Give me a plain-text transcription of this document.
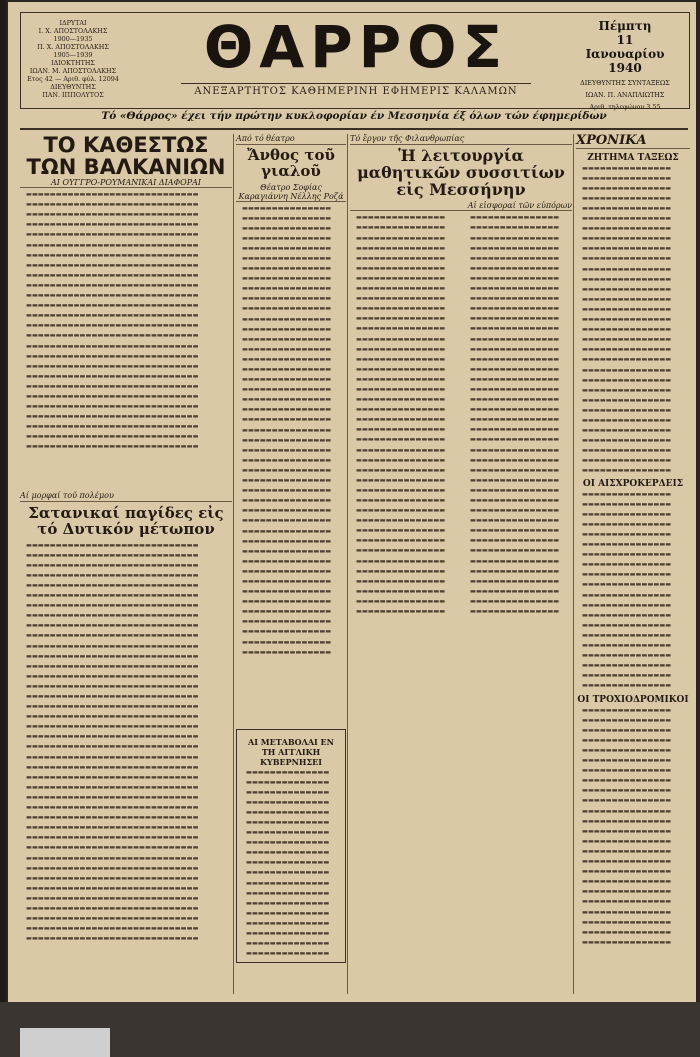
ΙΔΡΥΤΑΙ
Ι. Χ. ΑΠΟΣΤΟΛΑΚΗΣ
1900—1935
Π. Χ. ΑΠΟΣΤΟΛΑΚΗΣ
1905—1939
ΙΔΙΟΚΤΗΤΗΣ
ΙΩΑΝ. Μ. ΑΠΟΣΤΟΛΑΚΗΣ
Ετος 42 — Αριθ. φύλ. 12094
ΔΙΕΥΘΥΝΤΗΣ
ΠΑΝ. ΙΠΠΟΛΥΤΟΣ
ΘΑΡΡΟΣ
ΑΝΕΞΑΡΤΗΤΟΣ ΚΑΘΗΜΕΡΙΝΗ ΕΦΗΜΕΡΙΣ ΚΑΛΑΜΩΝ
Πέμπτη
11
Ιανουαρίου
1940
ΔΙΕΥΘΥΝΤΗΣ ΣΥΝΤΑΞΕΩΣ
ΙΩΑΝ. Π. ΑΝΑΠΛΙΩΤΗΣ
Αριθ. τηλεφώνου 3.55
Τό «Θάρρος» έχει τήν πρώτην κυκλοφορίαν έν Μεσσηνία έξ όλων τών έφημερίδων
ΤΟ ΚΑΘΕΣΤΩΣ ΤΩΝ ΒΑΛΚΑΝΙΩΝ
ΑΙ ΟΥΓΓΡΟ-ΡΟΥΜΑΝΙΚΑΙ ΔΙΑΦΟΡΑΙ

▬▬▬▬▬▬▬▬▬▬▬▬▬▬▬▬▬▬▬▬▬▬▬▬▬▬▬▬▬

▬▬▬▬▬▬▬▬▬▬▬▬▬▬▬▬▬▬▬▬▬▬▬▬▬▬▬▬▬

▬▬▬▬▬▬▬▬▬▬▬▬▬▬▬▬▬▬▬▬▬▬▬▬▬▬▬▬▬

▬▬▬▬▬▬▬▬▬▬▬▬▬▬▬▬▬▬▬▬▬▬▬▬▬▬▬▬▬

▬▬▬▬▬▬▬▬▬▬▬▬▬▬▬▬▬▬▬▬▬▬▬▬▬▬▬▬▬

▬▬▬▬▬▬▬▬▬▬▬▬▬▬▬▬▬▬▬▬▬▬▬▬▬▬▬▬▬

▬▬▬▬▬▬▬▬▬▬▬▬▬▬▬▬▬▬▬▬▬▬▬▬▬▬▬▬▬

▬▬▬▬▬▬▬▬▬▬▬▬▬▬▬▬▬▬▬▬▬▬▬▬▬▬▬▬▬

▬▬▬▬▬▬▬▬▬▬▬▬▬▬▬▬▬▬▬▬▬▬▬▬▬▬▬▬▬

▬▬▬▬▬▬▬▬▬▬▬▬▬▬▬▬▬▬▬▬▬▬▬▬▬▬▬▬▬

▬▬▬▬▬▬▬▬▬▬▬▬▬▬▬▬▬▬▬▬▬▬▬▬▬▬▬▬▬

▬▬▬▬▬▬▬▬▬▬▬▬▬▬▬▬▬▬▬▬▬▬▬▬▬▬▬▬▬

▬▬▬▬▬▬▬▬▬▬▬▬▬▬▬▬▬▬▬▬▬▬▬▬▬▬▬▬▬

▬▬▬▬▬▬▬▬▬▬▬▬▬▬▬▬▬▬▬▬▬▬▬▬▬▬▬▬▬

▬▬▬▬▬▬▬▬▬▬▬▬▬▬▬▬▬▬▬▬▬▬▬▬▬▬▬▬▬

▬▬▬▬▬▬▬▬▬▬▬▬▬▬▬▬▬▬▬▬▬▬▬▬▬▬▬▬▬

▬▬▬▬▬▬▬▬▬▬▬▬▬▬▬▬▬▬▬▬▬▬▬▬▬▬▬▬▬

▬▬▬▬▬▬▬▬▬▬▬▬▬▬▬▬▬▬▬▬▬▬▬▬▬▬▬▬▬

▬▬▬▬▬▬▬▬▬▬▬▬▬▬▬▬▬▬▬▬▬▬▬▬▬▬▬▬▬

▬▬▬▬▬▬▬▬▬▬▬▬▬▬▬▬▬▬▬▬▬▬▬▬▬▬▬▬▬

▬▬▬▬▬▬▬▬▬▬▬▬▬▬▬▬▬▬▬▬▬▬▬▬▬▬▬▬▬

▬▬▬▬▬▬▬▬▬▬▬▬▬▬▬▬▬▬▬▬▬▬▬▬▬▬▬▬▬

▬▬▬▬▬▬▬▬▬▬▬▬▬▬▬▬▬▬▬▬▬▬▬▬▬▬▬▬▬

▬▬▬▬▬▬▬▬▬▬▬▬▬▬▬▬▬▬▬▬▬▬▬▬▬▬▬▬▬

▬▬▬▬▬▬▬▬▬▬▬▬▬▬▬▬▬▬▬▬▬▬▬▬▬▬▬▬▬

▬▬▬▬▬▬▬▬▬▬▬▬▬▬▬▬▬▬▬▬▬▬▬▬▬▬▬▬▬

Αί μορφαί τοῦ πολέμου
Σατανικαί παγίδες εἰς τό Δυτικόν μέτωπον

▬▬▬▬▬▬▬▬▬▬▬▬▬▬▬▬▬▬▬▬▬▬▬▬▬▬▬▬▬

▬▬▬▬▬▬▬▬▬▬▬▬▬▬▬▬▬▬▬▬▬▬▬▬▬▬▬▬▬

▬▬▬▬▬▬▬▬▬▬▬▬▬▬▬▬▬▬▬▬▬▬▬▬▬▬▬▬▬

▬▬▬▬▬▬▬▬▬▬▬▬▬▬▬▬▬▬▬▬▬▬▬▬▬▬▬▬▬

▬▬▬▬▬▬▬▬▬▬▬▬▬▬▬▬▬▬▬▬▬▬▬▬▬▬▬▬▬

▬▬▬▬▬▬▬▬▬▬▬▬▬▬▬▬▬▬▬▬▬▬▬▬▬▬▬▬▬

▬▬▬▬▬▬▬▬▬▬▬▬▬▬▬▬▬▬▬▬▬▬▬▬▬▬▬▬▬

▬▬▬▬▬▬▬▬▬▬▬▬▬▬▬▬▬▬▬▬▬▬▬▬▬▬▬▬▬

▬▬▬▬▬▬▬▬▬▬▬▬▬▬▬▬▬▬▬▬▬▬▬▬▬▬▬▬▬

▬▬▬▬▬▬▬▬▬▬▬▬▬▬▬▬▬▬▬▬▬▬▬▬▬▬▬▬▬

▬▬▬▬▬▬▬▬▬▬▬▬▬▬▬▬▬▬▬▬▬▬▬▬▬▬▬▬▬

▬▬▬▬▬▬▬▬▬▬▬▬▬▬▬▬▬▬▬▬▬▬▬▬▬▬▬▬▬

▬▬▬▬▬▬▬▬▬▬▬▬▬▬▬▬▬▬▬▬▬▬▬▬▬▬▬▬▬

▬▬▬▬▬▬▬▬▬▬▬▬▬▬▬▬▬▬▬▬▬▬▬▬▬▬▬▬▬

▬▬▬▬▬▬▬▬▬▬▬▬▬▬▬▬▬▬▬▬▬▬▬▬▬▬▬▬▬

▬▬▬▬▬▬▬▬▬▬▬▬▬▬▬▬▬▬▬▬▬▬▬▬▬▬▬▬▬

▬▬▬▬▬▬▬▬▬▬▬▬▬▬▬▬▬▬▬▬▬▬▬▬▬▬▬▬▬

▬▬▬▬▬▬▬▬▬▬▬▬▬▬▬▬▬▬▬▬▬▬▬▬▬▬▬▬▬

▬▬▬▬▬▬▬▬▬▬▬▬▬▬▬▬▬▬▬▬▬▬▬▬▬▬▬▬▬

▬▬▬▬▬▬▬▬▬▬▬▬▬▬▬▬▬▬▬▬▬▬▬▬▬▬▬▬▬

▬▬▬▬▬▬▬▬▬▬▬▬▬▬▬▬▬▬▬▬▬▬▬▬▬▬▬▬▬

▬▬▬▬▬▬▬▬▬▬▬▬▬▬▬▬▬▬▬▬▬▬▬▬▬▬▬▬▬

▬▬▬▬▬▬▬▬▬▬▬▬▬▬▬▬▬▬▬▬▬▬▬▬▬▬▬▬▬

▬▬▬▬▬▬▬▬▬▬▬▬▬▬▬▬▬▬▬▬▬▬▬▬▬▬▬▬▬

▬▬▬▬▬▬▬▬▬▬▬▬▬▬▬▬▬▬▬▬▬▬▬▬▬▬▬▬▬

▬▬▬▬▬▬▬▬▬▬▬▬▬▬▬▬▬▬▬▬▬▬▬▬▬▬▬▬▬

▬▬▬▬▬▬▬▬▬▬▬▬▬▬▬▬▬▬▬▬▬▬▬▬▬▬▬▬▬

▬▬▬▬▬▬▬▬▬▬▬▬▬▬▬▬▬▬▬▬▬▬▬▬▬▬▬▬▬

▬▬▬▬▬▬▬▬▬▬▬▬▬▬▬▬▬▬▬▬▬▬▬▬▬▬▬▬▬

▬▬▬▬▬▬▬▬▬▬▬▬▬▬▬▬▬▬▬▬▬▬▬▬▬▬▬▬▬

▬▬▬▬▬▬▬▬▬▬▬▬▬▬▬▬▬▬▬▬▬▬▬▬▬▬▬▬▬

▬▬▬▬▬▬▬▬▬▬▬▬▬▬▬▬▬▬▬▬▬▬▬▬▬▬▬▬▬

▬▬▬▬▬▬▬▬▬▬▬▬▬▬▬▬▬▬▬▬▬▬▬▬▬▬▬▬▬

▬▬▬▬▬▬▬▬▬▬▬▬▬▬▬▬▬▬▬▬▬▬▬▬▬▬▬▬▬

▬▬▬▬▬▬▬▬▬▬▬▬▬▬▬▬▬▬▬▬▬▬▬▬▬▬▬▬▬

▬▬▬▬▬▬▬▬▬▬▬▬▬▬▬▬▬▬▬▬▬▬▬▬▬▬▬▬▬

▬▬▬▬▬▬▬▬▬▬▬▬▬▬▬▬▬▬▬▬▬▬▬▬▬▬▬▬▬

▬▬▬▬▬▬▬▬▬▬▬▬▬▬▬▬▬▬▬▬▬▬▬▬▬▬▬▬▬

▬▬▬▬▬▬▬▬▬▬▬▬▬▬▬▬▬▬▬▬▬▬▬▬▬▬▬▬▬

▬▬▬▬▬▬▬▬▬▬▬▬▬▬▬▬▬▬▬▬▬▬▬▬▬▬▬▬▬

Από τό θέατρο
Ἄνθος τοῦ γιαλοῦ
Θέατρο Σοφίας Καραγιάννη Νέλλης Ροζά

▬▬▬▬▬▬▬▬▬▬▬▬▬▬▬

▬▬▬▬▬▬▬▬▬▬▬▬▬▬▬

▬▬▬▬▬▬▬▬▬▬▬▬▬▬▬

▬▬▬▬▬▬▬▬▬▬▬▬▬▬▬

▬▬▬▬▬▬▬▬▬▬▬▬▬▬▬

▬▬▬▬▬▬▬▬▬▬▬▬▬▬▬

▬▬▬▬▬▬▬▬▬▬▬▬▬▬▬

▬▬▬▬▬▬▬▬▬▬▬▬▬▬▬

▬▬▬▬▬▬▬▬▬▬▬▬▬▬▬

▬▬▬▬▬▬▬▬▬▬▬▬▬▬▬

▬▬▬▬▬▬▬▬▬▬▬▬▬▬▬

▬▬▬▬▬▬▬▬▬▬▬▬▬▬▬

▬▬▬▬▬▬▬▬▬▬▬▬▬▬▬

▬▬▬▬▬▬▬▬▬▬▬▬▬▬▬

▬▬▬▬▬▬▬▬▬▬▬▬▬▬▬

▬▬▬▬▬▬▬▬▬▬▬▬▬▬▬

▬▬▬▬▬▬▬▬▬▬▬▬▬▬▬

▬▬▬▬▬▬▬▬▬▬▬▬▬▬▬

▬▬▬▬▬▬▬▬▬▬▬▬▬▬▬

▬▬▬▬▬▬▬▬▬▬▬▬▬▬▬

▬▬▬▬▬▬▬▬▬▬▬▬▬▬▬

▬▬▬▬▬▬▬▬▬▬▬▬▬▬▬

▬▬▬▬▬▬▬▬▬▬▬▬▬▬▬

▬▬▬▬▬▬▬▬▬▬▬▬▬▬▬

▬▬▬▬▬▬▬▬▬▬▬▬▬▬▬

▬▬▬▬▬▬▬▬▬▬▬▬▬▬▬

▬▬▬▬▬▬▬▬▬▬▬▬▬▬▬

▬▬▬▬▬▬▬▬▬▬▬▬▬▬▬

▬▬▬▬▬▬▬▬▬▬▬▬▬▬▬

▬▬▬▬▬▬▬▬▬▬▬▬▬▬▬

▬▬▬▬▬▬▬▬▬▬▬▬▬▬▬

▬▬▬▬▬▬▬▬▬▬▬▬▬▬▬

▬▬▬▬▬▬▬▬▬▬▬▬▬▬▬

▬▬▬▬▬▬▬▬▬▬▬▬▬▬▬

▬▬▬▬▬▬▬▬▬▬▬▬▬▬▬

▬▬▬▬▬▬▬▬▬▬▬▬▬▬▬

▬▬▬▬▬▬▬▬▬▬▬▬▬▬▬

▬▬▬▬▬▬▬▬▬▬▬▬▬▬▬

▬▬▬▬▬▬▬▬▬▬▬▬▬▬▬

▬▬▬▬▬▬▬▬▬▬▬▬▬▬▬

▬▬▬▬▬▬▬▬▬▬▬▬▬▬▬

▬▬▬▬▬▬▬▬▬▬▬▬▬▬▬

▬▬▬▬▬▬▬▬▬▬▬▬▬▬▬

▬▬▬▬▬▬▬▬▬▬▬▬▬▬▬

▬▬▬▬▬▬▬▬▬▬▬▬▬▬▬

ΑΙ ΜΕΤΑΒΟΛΑΙ ΕΝ ΤΗ ΑΓΓΛΙΚΗ ΚΥΒΕΡΝΗΣΕΙ

▬▬▬▬▬▬▬▬▬▬▬▬▬▬

▬▬▬▬▬▬▬▬▬▬▬▬▬▬

▬▬▬▬▬▬▬▬▬▬▬▬▬▬

▬▬▬▬▬▬▬▬▬▬▬▬▬▬

▬▬▬▬▬▬▬▬▬▬▬▬▬▬

▬▬▬▬▬▬▬▬▬▬▬▬▬▬

▬▬▬▬▬▬▬▬▬▬▬▬▬▬

▬▬▬▬▬▬▬▬▬▬▬▬▬▬

▬▬▬▬▬▬▬▬▬▬▬▬▬▬

▬▬▬▬▬▬▬▬▬▬▬▬▬▬

▬▬▬▬▬▬▬▬▬▬▬▬▬▬

▬▬▬▬▬▬▬▬▬▬▬▬▬▬

▬▬▬▬▬▬▬▬▬▬▬▬▬▬

▬▬▬▬▬▬▬▬▬▬▬▬▬▬

▬▬▬▬▬▬▬▬▬▬▬▬▬▬

▬▬▬▬▬▬▬▬▬▬▬▬▬▬

▬▬▬▬▬▬▬▬▬▬▬▬▬▬

▬▬▬▬▬▬▬▬▬▬▬▬▬▬

▬▬▬▬▬▬▬▬▬▬▬▬▬▬

Τό ἔργον τῆς Φιλανθρωπίας
Ἡ λειτουργία μαθητικῶν συσσιτίων εἰς Μεσσήνην
Αἱ εἰσφοραί τῶν εὐπόρων

▬▬▬▬▬▬▬▬▬▬▬▬▬▬▬

▬▬▬▬▬▬▬▬▬▬▬▬▬▬▬

▬▬▬▬▬▬▬▬▬▬▬▬▬▬▬

▬▬▬▬▬▬▬▬▬▬▬▬▬▬▬

▬▬▬▬▬▬▬▬▬▬▬▬▬▬▬

▬▬▬▬▬▬▬▬▬▬▬▬▬▬▬

▬▬▬▬▬▬▬▬▬▬▬▬▬▬▬

▬▬▬▬▬▬▬▬▬▬▬▬▬▬▬

▬▬▬▬▬▬▬▬▬▬▬▬▬▬▬

▬▬▬▬▬▬▬▬▬▬▬▬▬▬▬

▬▬▬▬▬▬▬▬▬▬▬▬▬▬▬

▬▬▬▬▬▬▬▬▬▬▬▬▬▬▬

▬▬▬▬▬▬▬▬▬▬▬▬▬▬▬

▬▬▬▬▬▬▬▬▬▬▬▬▬▬▬

▬▬▬▬▬▬▬▬▬▬▬▬▬▬▬

▬▬▬▬▬▬▬▬▬▬▬▬▬▬▬

▬▬▬▬▬▬▬▬▬▬▬▬▬▬▬

▬▬▬▬▬▬▬▬▬▬▬▬▬▬▬

▬▬▬▬▬▬▬▬▬▬▬▬▬▬▬

▬▬▬▬▬▬▬▬▬▬▬▬▬▬▬

▬▬▬▬▬▬▬▬▬▬▬▬▬▬▬

▬▬▬▬▬▬▬▬▬▬▬▬▬▬▬

▬▬▬▬▬▬▬▬▬▬▬▬▬▬▬

▬▬▬▬▬▬▬▬▬▬▬▬▬▬▬

▬▬▬▬▬▬▬▬▬▬▬▬▬▬▬

▬▬▬▬▬▬▬▬▬▬▬▬▬▬▬

▬▬▬▬▬▬▬▬▬▬▬▬▬▬▬

▬▬▬▬▬▬▬▬▬▬▬▬▬▬▬

▬▬▬▬▬▬▬▬▬▬▬▬▬▬▬

▬▬▬▬▬▬▬▬▬▬▬▬▬▬▬

▬▬▬▬▬▬▬▬▬▬▬▬▬▬▬

▬▬▬▬▬▬▬▬▬▬▬▬▬▬▬

▬▬▬▬▬▬▬▬▬▬▬▬▬▬▬

▬▬▬▬▬▬▬▬▬▬▬▬▬▬▬

▬▬▬▬▬▬▬▬▬▬▬▬▬▬▬

▬▬▬▬▬▬▬▬▬▬▬▬▬▬▬

▬▬▬▬▬▬▬▬▬▬▬▬▬▬▬

▬▬▬▬▬▬▬▬▬▬▬▬▬▬▬

▬▬▬▬▬▬▬▬▬▬▬▬▬▬▬

▬▬▬▬▬▬▬▬▬▬▬▬▬▬▬

▬▬▬▬▬▬▬▬▬▬▬▬▬▬▬

▬▬▬▬▬▬▬▬▬▬▬▬▬▬▬

▬▬▬▬▬▬▬▬▬▬▬▬▬▬▬

▬▬▬▬▬▬▬▬▬▬▬▬▬▬▬

▬▬▬▬▬▬▬▬▬▬▬▬▬▬▬

▬▬▬▬▬▬▬▬▬▬▬▬▬▬▬

▬▬▬▬▬▬▬▬▬▬▬▬▬▬▬

▬▬▬▬▬▬▬▬▬▬▬▬▬▬▬

▬▬▬▬▬▬▬▬▬▬▬▬▬▬▬

▬▬▬▬▬▬▬▬▬▬▬▬▬▬▬

▬▬▬▬▬▬▬▬▬▬▬▬▬▬▬

▬▬▬▬▬▬▬▬▬▬▬▬▬▬▬

▬▬▬▬▬▬▬▬▬▬▬▬▬▬▬

▬▬▬▬▬▬▬▬▬▬▬▬▬▬▬

▬▬▬▬▬▬▬▬▬▬▬▬▬▬▬

▬▬▬▬▬▬▬▬▬▬▬▬▬▬▬

▬▬▬▬▬▬▬▬▬▬▬▬▬▬▬

▬▬▬▬▬▬▬▬▬▬▬▬▬▬▬

▬▬▬▬▬▬▬▬▬▬▬▬▬▬▬

▬▬▬▬▬▬▬▬▬▬▬▬▬▬▬

▬▬▬▬▬▬▬▬▬▬▬▬▬▬▬

▬▬▬▬▬▬▬▬▬▬▬▬▬▬▬

▬▬▬▬▬▬▬▬▬▬▬▬▬▬▬

▬▬▬▬▬▬▬▬▬▬▬▬▬▬▬

▬▬▬▬▬▬▬▬▬▬▬▬▬▬▬

▬▬▬▬▬▬▬▬▬▬▬▬▬▬▬

▬▬▬▬▬▬▬▬▬▬▬▬▬▬▬

▬▬▬▬▬▬▬▬▬▬▬▬▬▬▬

▬▬▬▬▬▬▬▬▬▬▬▬▬▬▬

▬▬▬▬▬▬▬▬▬▬▬▬▬▬▬

▬▬▬▬▬▬▬▬▬▬▬▬▬▬▬

▬▬▬▬▬▬▬▬▬▬▬▬▬▬▬

▬▬▬▬▬▬▬▬▬▬▬▬▬▬▬

▬▬▬▬▬▬▬▬▬▬▬▬▬▬▬

▬▬▬▬▬▬▬▬▬▬▬▬▬▬▬

▬▬▬▬▬▬▬▬▬▬▬▬▬▬▬

▬▬▬▬▬▬▬▬▬▬▬▬▬▬▬

▬▬▬▬▬▬▬▬▬▬▬▬▬▬▬

▬▬▬▬▬▬▬▬▬▬▬▬▬▬▬

▬▬▬▬▬▬▬▬▬▬▬▬▬▬▬

ΧΡΟΝΙΚΑ
ΖΗΤΗΜΑ ΤΑΞΕΩΣ

▬▬▬▬▬▬▬▬▬▬▬▬▬▬▬

▬▬▬▬▬▬▬▬▬▬▬▬▬▬▬

▬▬▬▬▬▬▬▬▬▬▬▬▬▬▬

▬▬▬▬▬▬▬▬▬▬▬▬▬▬▬

▬▬▬▬▬▬▬▬▬▬▬▬▬▬▬

▬▬▬▬▬▬▬▬▬▬▬▬▬▬▬

▬▬▬▬▬▬▬▬▬▬▬▬▬▬▬

▬▬▬▬▬▬▬▬▬▬▬▬▬▬▬

▬▬▬▬▬▬▬▬▬▬▬▬▬▬▬

▬▬▬▬▬▬▬▬▬▬▬▬▬▬▬

▬▬▬▬▬▬▬▬▬▬▬▬▬▬▬

▬▬▬▬▬▬▬▬▬▬▬▬▬▬▬

▬▬▬▬▬▬▬▬▬▬▬▬▬▬▬

▬▬▬▬▬▬▬▬▬▬▬▬▬▬▬

▬▬▬▬▬▬▬▬▬▬▬▬▬▬▬

▬▬▬▬▬▬▬▬▬▬▬▬▬▬▬

▬▬▬▬▬▬▬▬▬▬▬▬▬▬▬

▬▬▬▬▬▬▬▬▬▬▬▬▬▬▬

▬▬▬▬▬▬▬▬▬▬▬▬▬▬▬

▬▬▬▬▬▬▬▬▬▬▬▬▬▬▬

▬▬▬▬▬▬▬▬▬▬▬▬▬▬▬

▬▬▬▬▬▬▬▬▬▬▬▬▬▬▬

▬▬▬▬▬▬▬▬▬▬▬▬▬▬▬

▬▬▬▬▬▬▬▬▬▬▬▬▬▬▬

▬▬▬▬▬▬▬▬▬▬▬▬▬▬▬

▬▬▬▬▬▬▬▬▬▬▬▬▬▬▬

▬▬▬▬▬▬▬▬▬▬▬▬▬▬▬

▬▬▬▬▬▬▬▬▬▬▬▬▬▬▬

▬▬▬▬▬▬▬▬▬▬▬▬▬▬▬

▬▬▬▬▬▬▬▬▬▬▬▬▬▬▬

▬▬▬▬▬▬▬▬▬▬▬▬▬▬▬

ΟΙ ΑΙΣΧΡΟΚΕΡΔΕΙΣ

▬▬▬▬▬▬▬▬▬▬▬▬▬▬▬

▬▬▬▬▬▬▬▬▬▬▬▬▬▬▬

▬▬▬▬▬▬▬▬▬▬▬▬▬▬▬

▬▬▬▬▬▬▬▬▬▬▬▬▬▬▬

▬▬▬▬▬▬▬▬▬▬▬▬▬▬▬

▬▬▬▬▬▬▬▬▬▬▬▬▬▬▬

▬▬▬▬▬▬▬▬▬▬▬▬▬▬▬

▬▬▬▬▬▬▬▬▬▬▬▬▬▬▬

▬▬▬▬▬▬▬▬▬▬▬▬▬▬▬

▬▬▬▬▬▬▬▬▬▬▬▬▬▬▬

▬▬▬▬▬▬▬▬▬▬▬▬▬▬▬

▬▬▬▬▬▬▬▬▬▬▬▬▬▬▬

▬▬▬▬▬▬▬▬▬▬▬▬▬▬▬

▬▬▬▬▬▬▬▬▬▬▬▬▬▬▬

▬▬▬▬▬▬▬▬▬▬▬▬▬▬▬

▬▬▬▬▬▬▬▬▬▬▬▬▬▬▬

▬▬▬▬▬▬▬▬▬▬▬▬▬▬▬

▬▬▬▬▬▬▬▬▬▬▬▬▬▬▬

▬▬▬▬▬▬▬▬▬▬▬▬▬▬▬

▬▬▬▬▬▬▬▬▬▬▬▬▬▬▬

ΟΙ ΤΡΟΧΙΟΔΡΟΜΙΚΟΙ

▬▬▬▬▬▬▬▬▬▬▬▬▬▬▬

▬▬▬▬▬▬▬▬▬▬▬▬▬▬▬

▬▬▬▬▬▬▬▬▬▬▬▬▬▬▬

▬▬▬▬▬▬▬▬▬▬▬▬▬▬▬

▬▬▬▬▬▬▬▬▬▬▬▬▬▬▬

▬▬▬▬▬▬▬▬▬▬▬▬▬▬▬

▬▬▬▬▬▬▬▬▬▬▬▬▬▬▬

▬▬▬▬▬▬▬▬▬▬▬▬▬▬▬

▬▬▬▬▬▬▬▬▬▬▬▬▬▬▬

▬▬▬▬▬▬▬▬▬▬▬▬▬▬▬

▬▬▬▬▬▬▬▬▬▬▬▬▬▬▬

▬▬▬▬▬▬▬▬▬▬▬▬▬▬▬

▬▬▬▬▬▬▬▬▬▬▬▬▬▬▬

▬▬▬▬▬▬▬▬▬▬▬▬▬▬▬

▬▬▬▬▬▬▬▬▬▬▬▬▬▬▬

▬▬▬▬▬▬▬▬▬▬▬▬▬▬▬

▬▬▬▬▬▬▬▬▬▬▬▬▬▬▬

▬▬▬▬▬▬▬▬▬▬▬▬▬▬▬

▬▬▬▬▬▬▬▬▬▬▬▬▬▬▬

▬▬▬▬▬▬▬▬▬▬▬▬▬▬▬

▬▬▬▬▬▬▬▬▬▬▬▬▬▬▬

▬▬▬▬▬▬▬▬▬▬▬▬▬▬▬

▬▬▬▬▬▬▬▬▬▬▬▬▬▬▬

▬▬▬▬▬▬▬▬▬▬▬▬▬▬▬
